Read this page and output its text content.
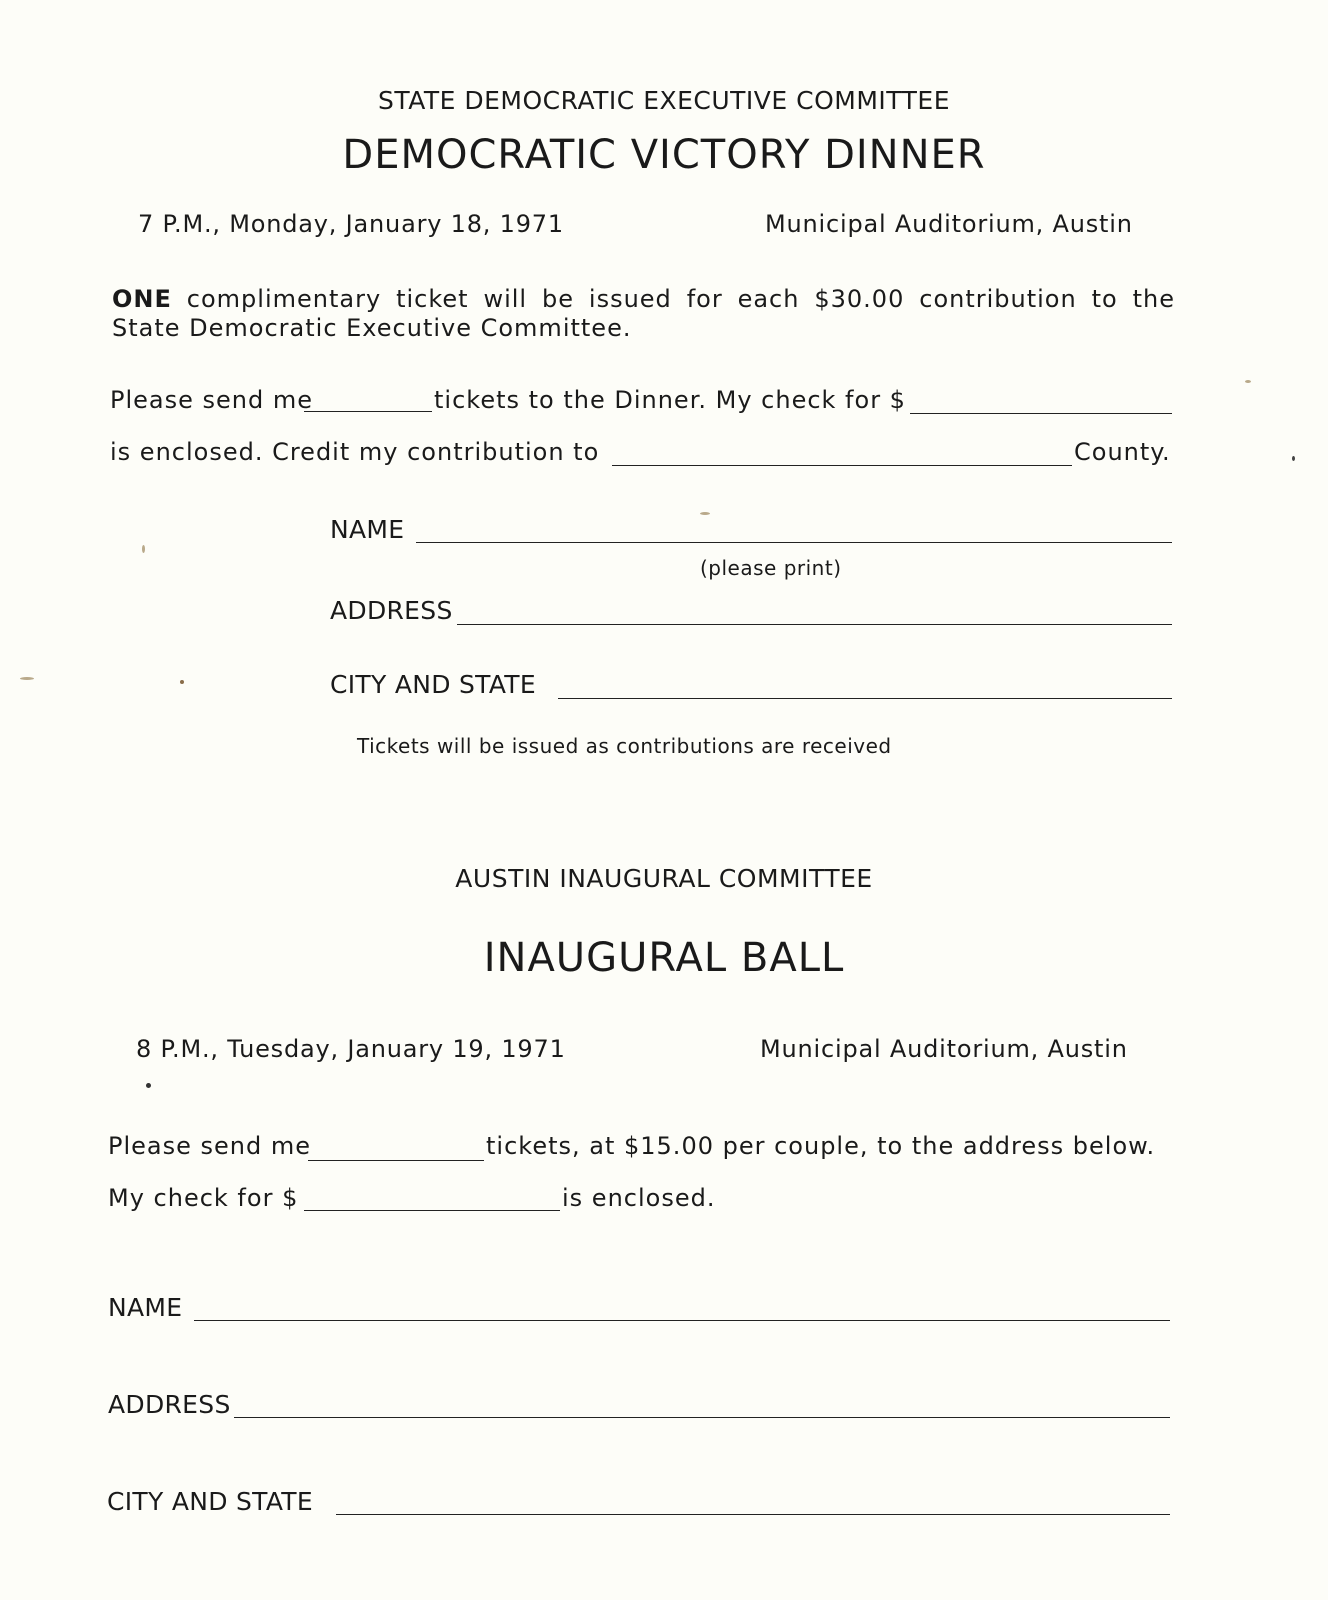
STATE DEMOCRATIC EXECUTIVE COMMITTEE
DEMOCRATIC VICTORY DINNER
7 P.M., Monday, January 18, 1971	Municipal Auditorium, Austin
ONE complimentary ticket will be issued for each $30.00 contribution to the
State Democratic Executive Committee.
Please send me	tickets to the Dinner. My check for $
is enclosed. Credit my contribution to	County.
NAME
(please print)
ADDRESS
CITY AND STATE
Tickets will be issued as contributions are received
AUSTIN INAUGURAL COMMITTEE
INAUGURAL BALL
8 P.M., Tuesday, January 19, 1971	Municipal Auditorium, Austin
Please send me	tickets, at $15.00 per couple, to the address below.
My check for $	is enclosed.
NAME
ADDRESS
CITY AND STATE
